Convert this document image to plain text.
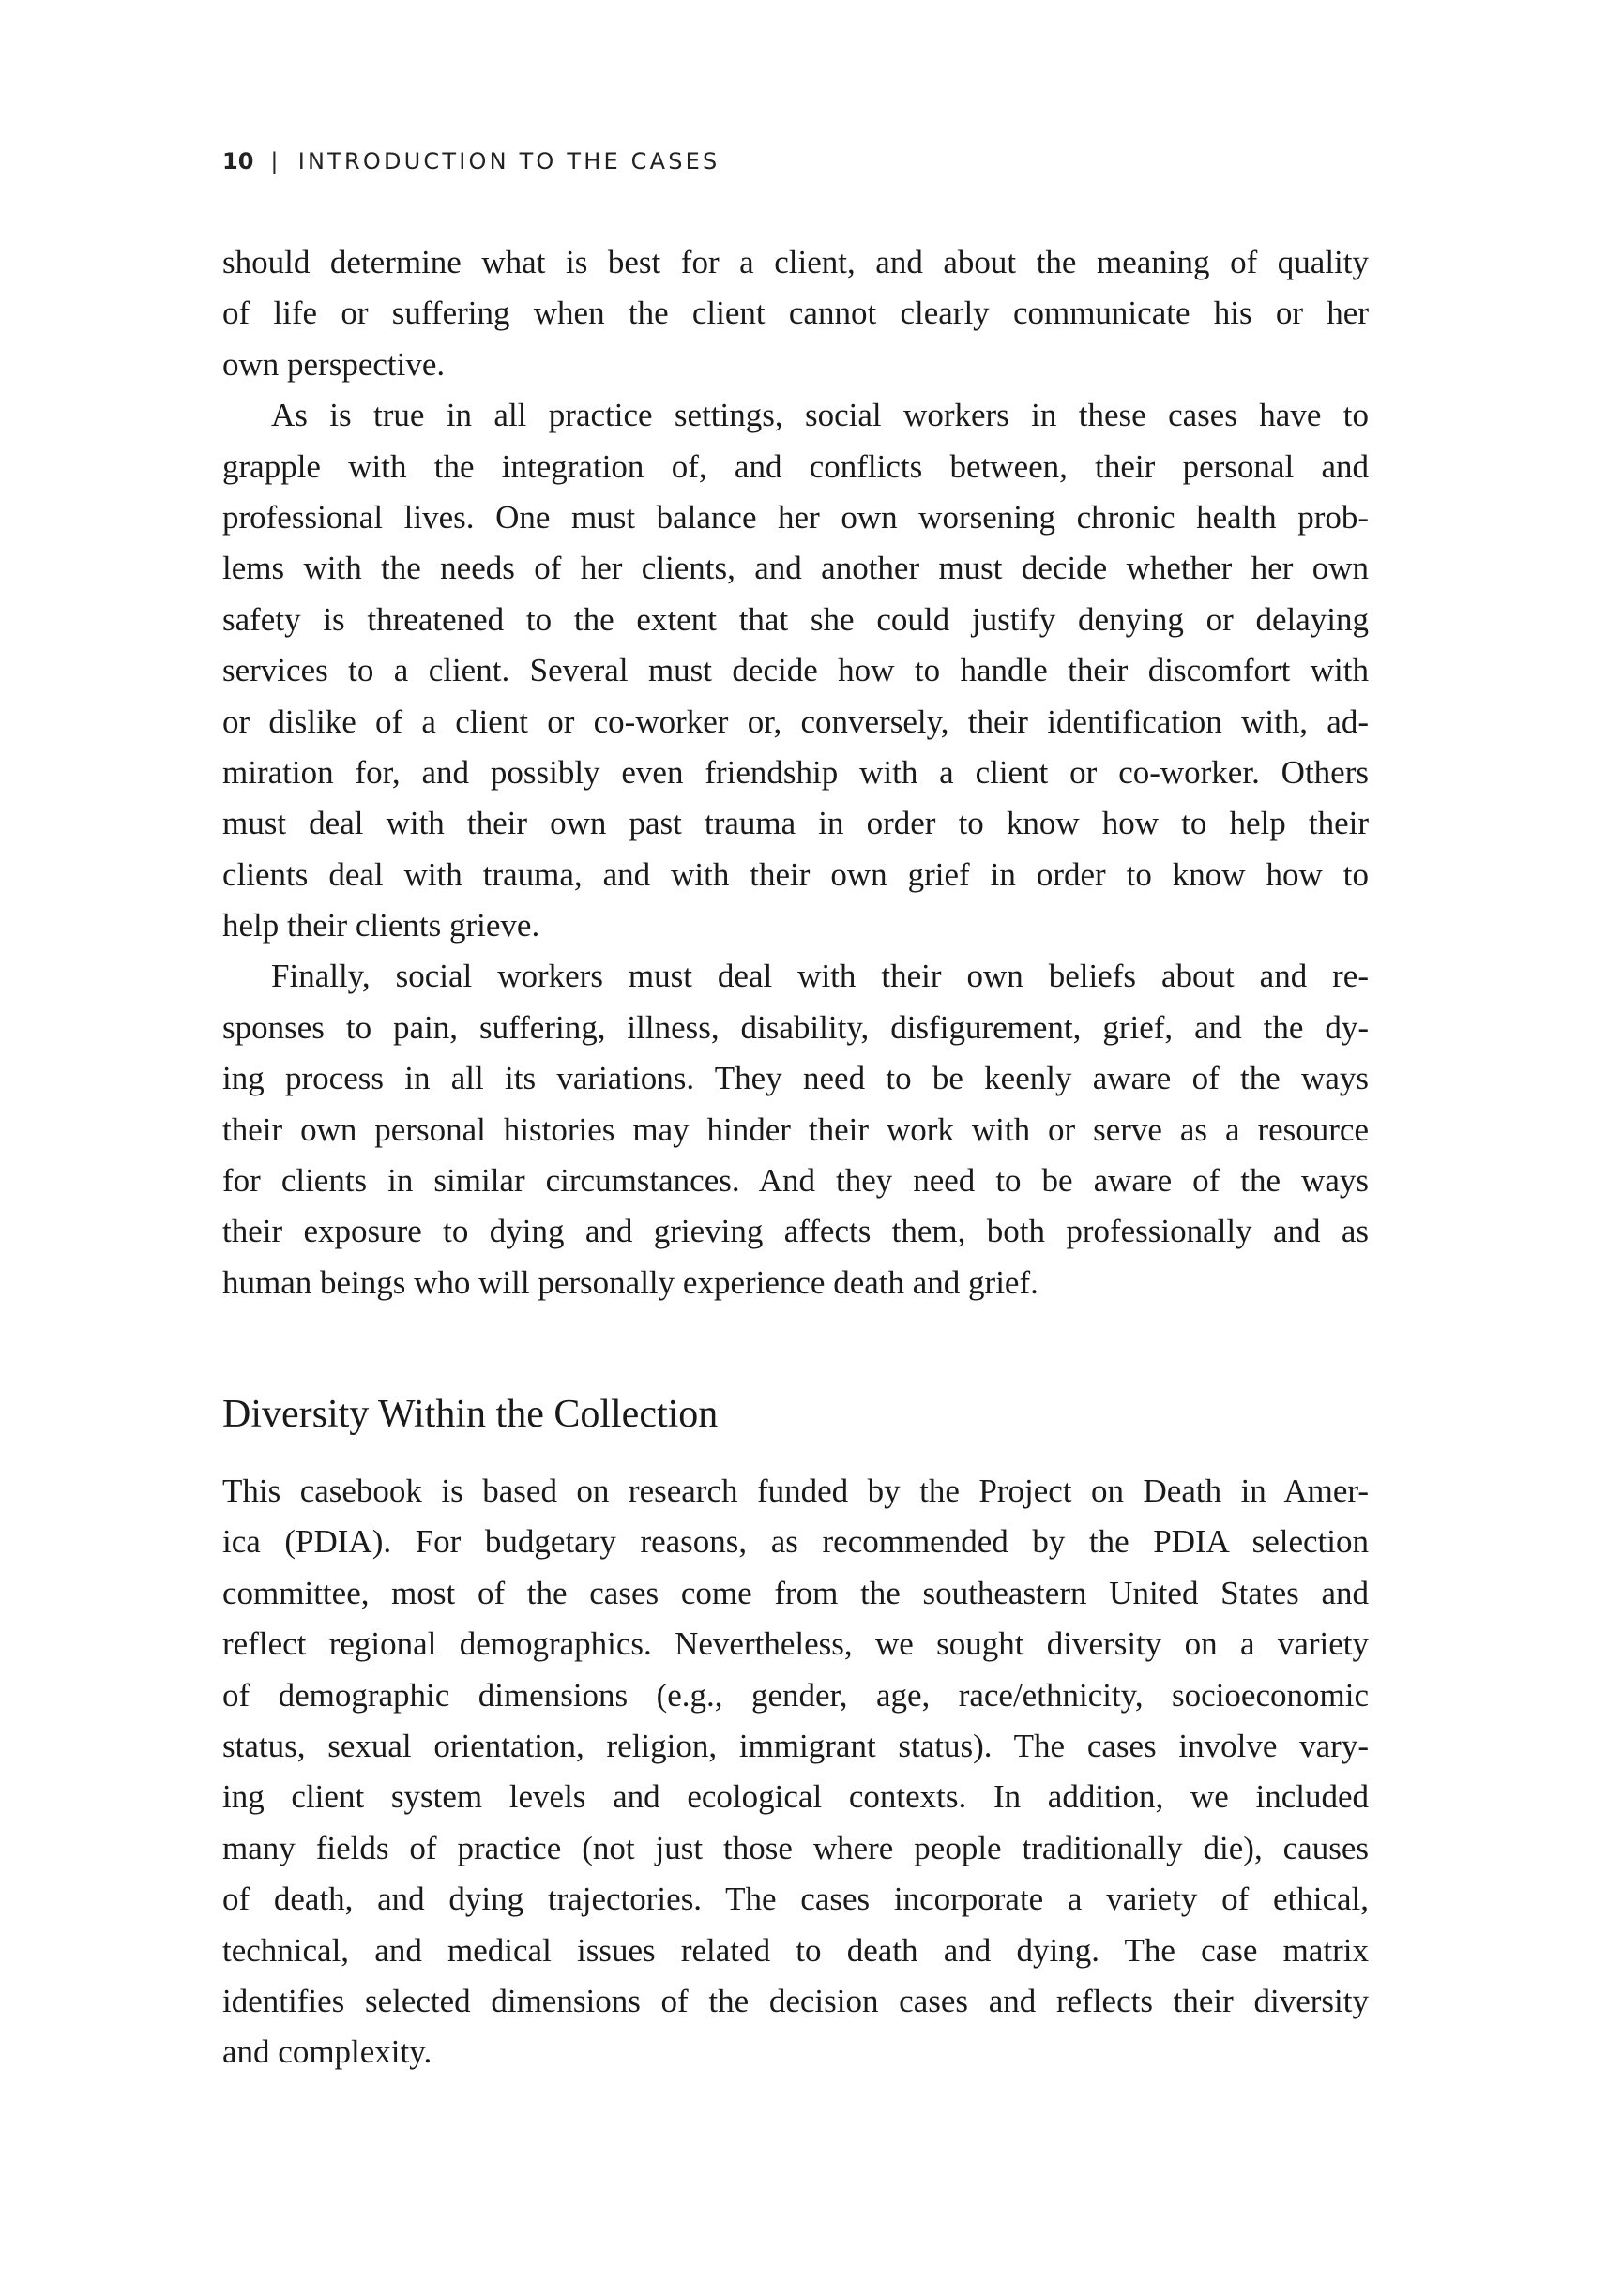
10 | INTRODUCTION TO THE CASES
should determine what is best for a client, and about the meaning of quality
of life or suffering when the client cannot clearly communicate his or her
own perspective.
As is true in all practice settings, social workers in these cases have to
grapple with the integration of, and conflicts between, their personal and
professional lives. One must balance her own worsening chronic health prob-
lems with the needs of her clients, and another must decide whether her own
safety is threatened to the extent that she could justify denying or delaying
services to a client. Several must decide how to handle their discomfort with
or dislike of a client or co-worker or, conversely, their identification with, ad-
miration for, and possibly even friendship with a client or co-worker. Others
must deal with their own past trauma in order to know how to help their
clients deal with trauma, and with their own grief in order to know how to
help their clients grieve.
Finally, social workers must deal with their own beliefs about and re-
sponses to pain, suffering, illness, disability, disfigurement, grief, and the dy-
ing process in all its variations. They need to be keenly aware of the ways
their own personal histories may hinder their work with or serve as a resource
for clients in similar circumstances. And they need to be aware of the ways
their exposure to dying and grieving affects them, both professionally and as
human beings who will personally experience death and grief.
Diversity Within the Collection
This casebook is based on research funded by the Project on Death in Amer-
ica (PDIA). For budgetary reasons, as recommended by the PDIA selection
committee, most of the cases come from the southeastern United States and
reflect regional demographics. Nevertheless, we sought diversity on a variety
of demographic dimensions (e.g., gender, age, race/ethnicity, socioeconomic
status, sexual orientation, religion, immigrant status). The cases involve vary-
ing client system levels and ecological contexts. In addition, we included
many fields of practice (not just those where people traditionally die), causes
of death, and dying trajectories. The cases incorporate a variety of ethical,
technical, and medical issues related to death and dying. The case matrix
identifies selected dimensions of the decision cases and reflects their diversity
and complexity.
